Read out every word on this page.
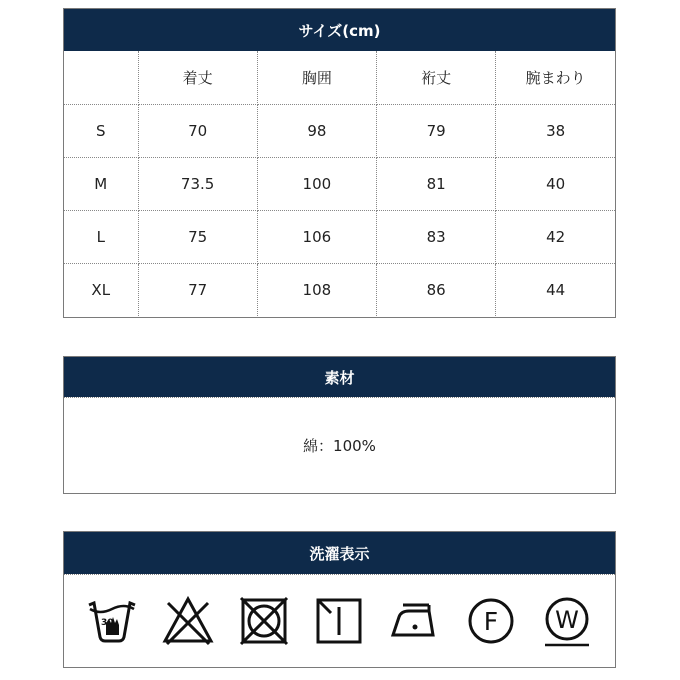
サイズ(cm)
	着丈	胸囲	裄丈	腕まわり
S	70	98	79	38
M	73.5	100	81	40
L	75	106	83	42
XL	77	108	86	44
素材
綿：100%
洗濯表示
30	F W
